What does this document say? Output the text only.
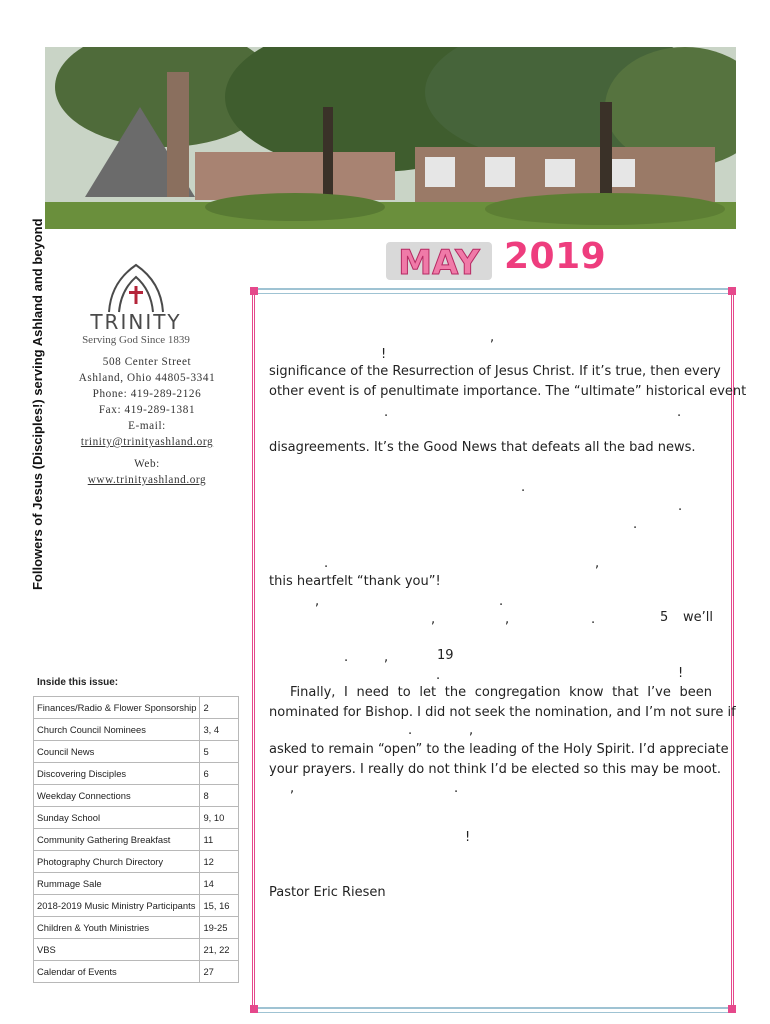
Followers of Jesus (Disciples!) serving Ashland and beyond	TRINITY
Serving God Since 1839
508 Center Street
Ashland, Ohio 44805-3341
Phone: 419-289-2126
Fax: 419-289-1381
E-mail:
trinity@trinityashland.org
Web:
www.trinityashland.org
Inside this issue:
Finances/Radio & Flower Sponsorship	2
Church Council Nominees	3, 4
Council News	5
Discovering Disciples	6
Weekday Connections	8
Sunday School	9, 10
Community Gathering Breakfast	11
Photography Church Directory	12
Rummage Sale	14
2018-2019 Music Ministry Participants	15, 16
Children & Youth Ministries	19-25
VBS	21, 22
Calendar of Events	27
MAY 2019
,
!
significance of the Resurrection of Jesus Christ. If it’s true, then every
other event is of penultimate importance. The “ultimate” historical event
.	.
disagreements. It’s the Good News that defeats all the bad news.
.
.
.
.	,
this heartfelt “thank you”!
,	.
,	,	.	5 we’ll
.	,	19
.	!
Finally, I need to let the congregation know that I’ve been
nominated for Bishop. I did not seek the nomination, and I’m not sure if
.	,
asked to remain “open” to the leading of the Holy Spirit. I’d appreciate
your prayers. I really do not think I’d be elected so this may be moot.
,	.
!
Pastor Eric Riesen
